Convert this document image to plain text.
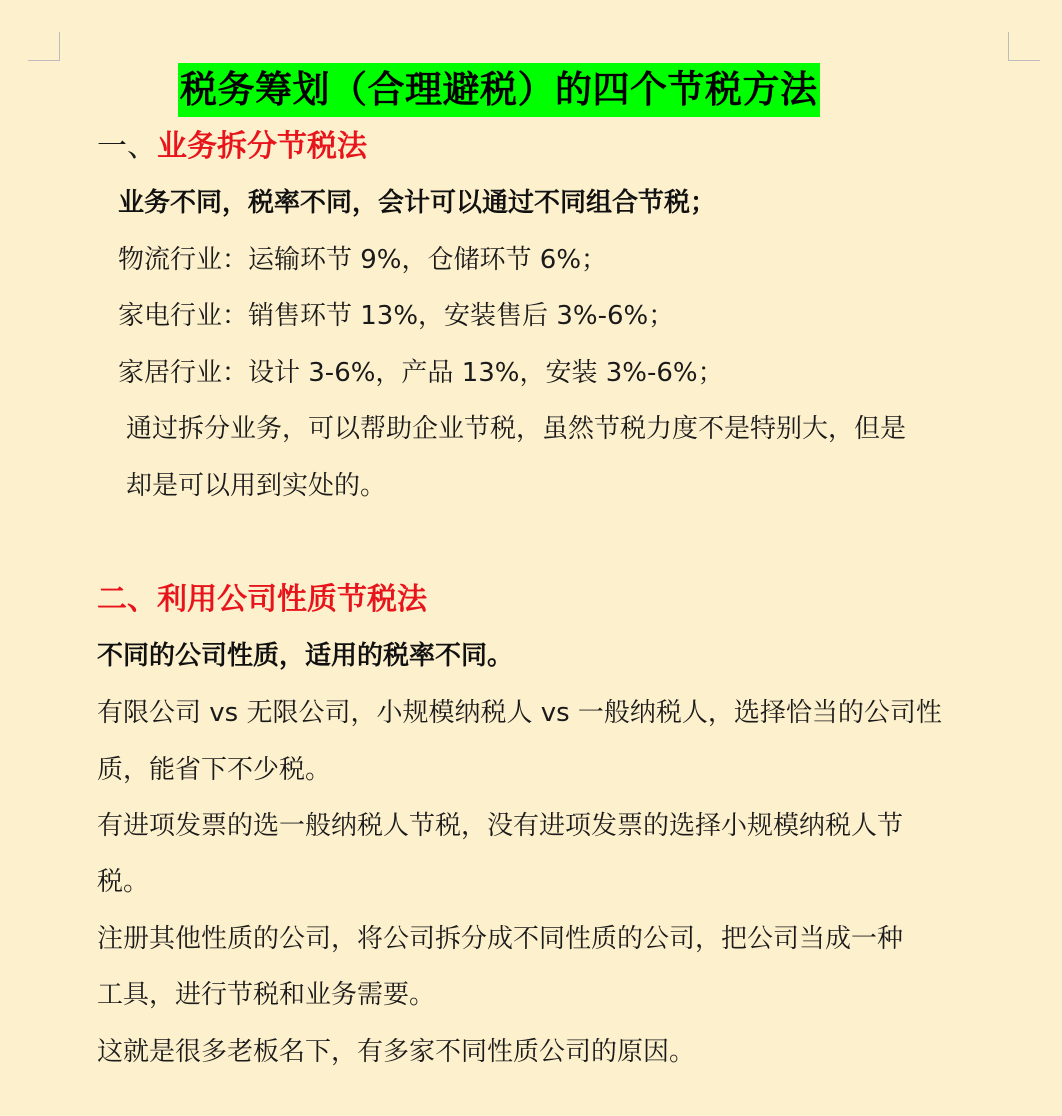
税务筹划（合理避税）的四个节税方法
一、业务拆分节税法
业务不同，税率不同，会计可以通过不同组合节税；
物流行业：运输环节 9%，仓储环节 6%；
家电行业：销售环节 13%，安装售后 3%-6%；
家居行业：设计 3-6%，产品 13%，安装 3%-6%；
通过拆分业务，可以帮助企业节税，虽然节税力度不是特别大，但是
却是可以用到实处的。
二、利用公司性质节税法
不同的公司性质，适用的税率不同。
有限公司 vs 无限公司，小规模纳税人 vs 一般纳税人，选择恰当的公司性
质，能省下不少税。
有进项发票的选一般纳税人节税，没有进项发票的选择小规模纳税人节
税。
注册其他性质的公司，将公司拆分成不同性质的公司，把公司当成一种
工具，进行节税和业务需要。
这就是很多老板名下，有多家不同性质公司的原因。
